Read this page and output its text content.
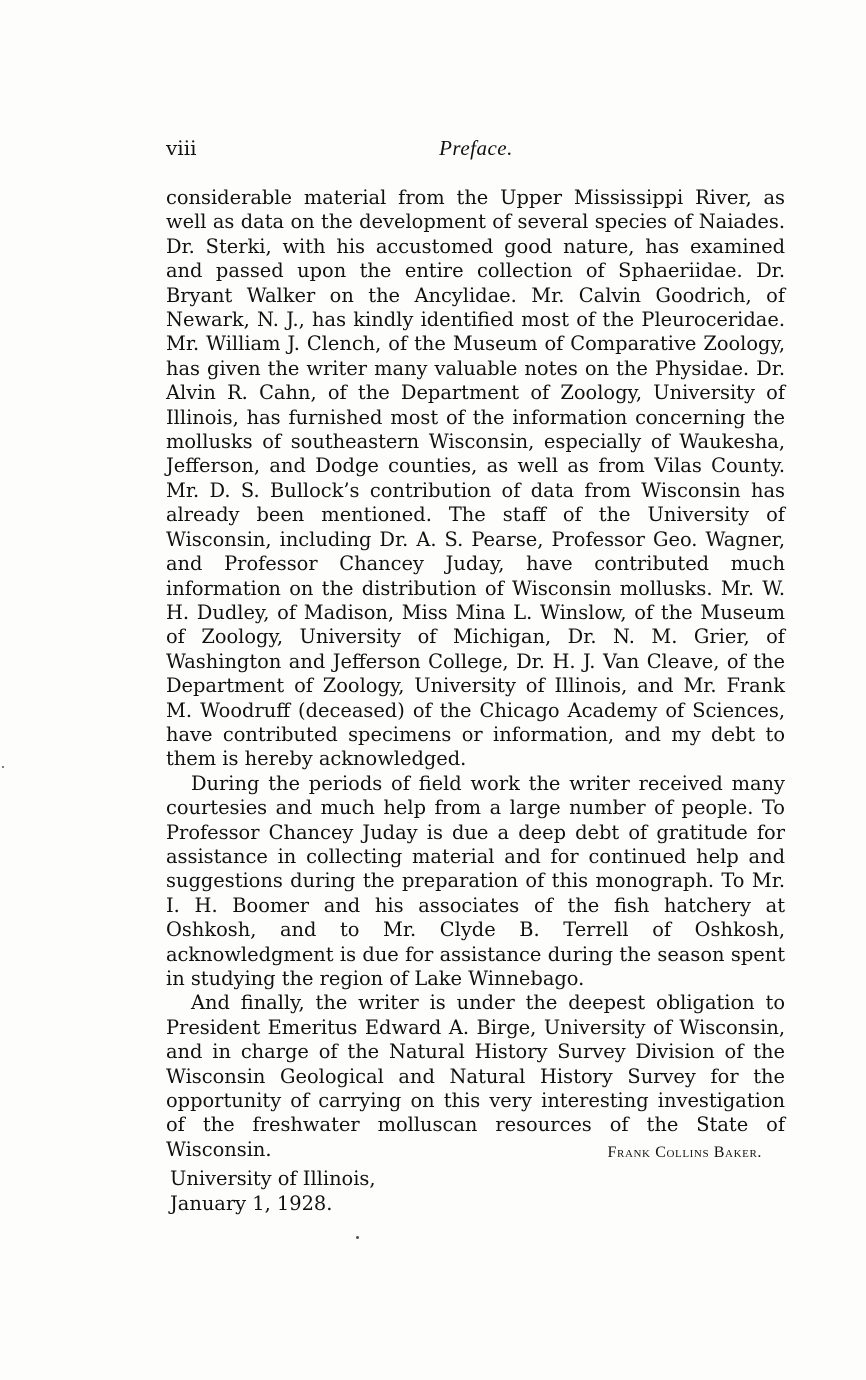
viii	Preface.

considerable material from the Upper Mississippi River, as well as data on the development of several species of Naiades. Dr. Sterki, with his accustomed good nature, has examined and passed upon the entire collection of Sphaeriidae. Dr. Bryant Walker on the Ancylidae. Mr. Calvin Goodrich, of Newark, N. J., has kindly identified most of the Pleuroceridae. Mr. William J. Clench, of the Museum of Comparative Zoology, has given the writer many valuable notes on the Physidae. Dr. Alvin R. Cahn, of the Department of Zoology, University of Illinois, has furnished most of the information concerning the mollusks of southeastern Wisconsin, especially of Waukesha, Jefferson, and Dodge counties, as well as from Vilas County. Mr. D. S. Bullock’s contribution of data from Wisconsin has already been mentioned. The staff of the University of Wisconsin, including Dr. A. S. Pearse, Professor Geo. Wagner, and Professor Chancey Juday, have contributed much information on the distribution of Wisconsin mollusks. Mr. W. H. Dudley, of Madison, Miss Mina L. Winslow, of the Museum of Zoology, University of Michigan, Dr. N. M. Grier, of Washington and Jefferson College, Dr. H. J. Van Cleave, of the Department of Zoology, University of Illinois, and Mr. Frank M. Woodruff (deceased) of the Chicago Academy of Sciences, have contributed specimens or information, and my debt to them is hereby acknowledged.

During the periods of field work the writer received many courtesies and much help from a large number of people. To Professor Chancey Juday is due a deep debt of gratitude for assistance in collecting material and for continued help and suggestions during the preparation of this monograph. To Mr. I. H. Boomer and his associates of the fish hatchery at Oshkosh, and to Mr. Clyde B. Terrell of Oshkosh, acknowledgment is due for assistance during the season spent in studying the region of Lake Winnebago.

And finally, the writer is under the deepest obligation to President Emeritus Edward A. Birge, University of Wisconsin, and in charge of the Natural History Survey Division of the Wisconsin Geological and Natural History Survey for the opportunity of carrying on this very interesting investigation of the freshwater molluscan resources of the State of Wisconsin.	Frank Collins Baker.
University of Illinois,
January 1, 1928.
